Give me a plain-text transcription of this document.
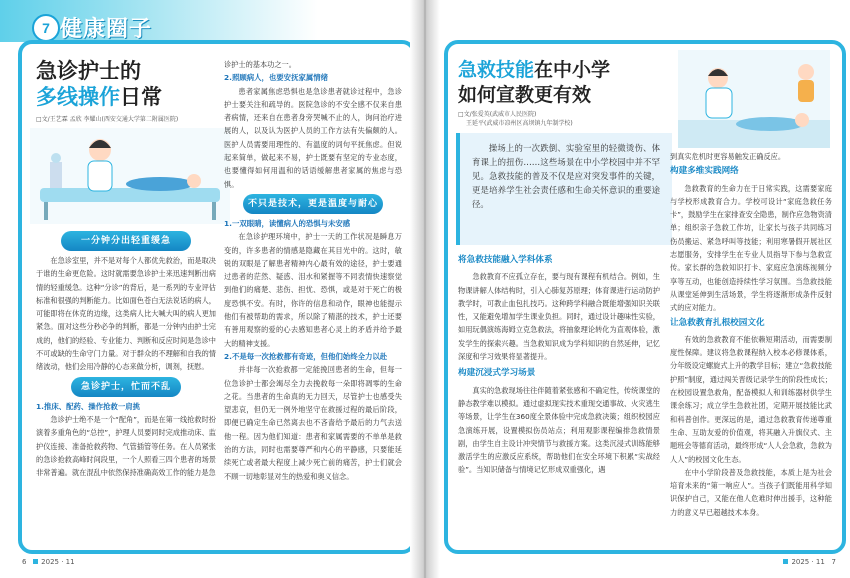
7 健康圈子
急诊护士的
多线操作日常
□文/王艺霖 孟欣 李耀山(西安交通大学第二附属医院)
一分钟分出轻重缓急

在急诊室里，并不是对每个人都优先救治，而是取决于谁的生命更危险。这时就需要急诊护士来迅速判断出病情的轻重缓急。这种“分诊”的背后，是一系列的专业评估标准和很强的判断能力。比如面色苍白无法说话的病人，可能即将在休克的边缘，这类病人比大喊大叫的病人更加紧急。面对这些分秒必争的判断，都是一分钟内由护士完成的，他们的经验、专业能力、判断和反应时间是急诊中不可或缺的生命守门力量。对于群众的不理解和自我的情绪波动，他们会用冷静的心态来做分析，调剂，抚慰。

急诊护士，忙而不乱
1.推床、配药、操作抢救一肩挑

急诊护士绝不是一个“配角”，而是在第一线抢救时扮演着多重角色的“总控”，护理人员要同时完成推动床、监护仪连接、准备抢救药物、气管插管等任务。在人员紧张的急诊抢救高峰时间段里，一个人照看三四个患者的场景非常普遍。就在混乱中依然保持准确高效工作的能力是急

诊护士的基本功之一。
2.照顾病人，也要安抚家属情绪

患者家属焦虑恐惧也是急诊患者就诊过程中，急诊护士要关注和疏导的。医院急诊的不安全感不仅来自患者病情，还来自在患者身旁哭喊不止的人，询问治疗进展的人，以及认为医护人员的工作方法有失偏颇的人。医护人员需要用理性的、有温度的词句平抚焦虑。但说起来简单，做起来不易，护士既要有坚定的专业态度，也要懂得如何用温和的话语缓解患者家属的焦虑与恐惧。

不只是技术，更是温度与耐心
1.一双眼睛，读懂病人的恐惧与未安感

在急诊护理环境中，护士一天的工作状况是瞬息万变的，许多患者的情感是隐藏在其目光中的。这时，敏锐的双眼是了解患者精神内心最有效的途径，护士要通过患者的茫然、疑惑、泪水和紧握等不同表情快速察觉到他们的痛楚、悲伤、担忧、恐惧，或是对于死亡的极度恐惧不安。有时，你许的信息和动作，眼神也能提示他们有被帮助的需求，所以除了精湛的技术，护士还要有善用观察的爱的心去感知患者心灵上的矛盾并给予最大的精神支援。

2.不是每一次抢救都有奇迹，但他们始终全力以赴

并非每一次抢救都一定能挽回患者的生命，但每一位急诊护士都会竭尽全力去挽救每一朵即将凋零的生命之花。当患者的生命真的无力回天，尽管护士也感受失望悲哀，但仍无一例外地坚守在救援过程的最后阶段，即便已确定生命已然离去也不吝啬给予最后的力气去送他一程。因为他们知道：患者和家属需要的不单单是救治的方法，同时也需要尊严和内心的平静感，只要能延续死亡或者最大程度上减少死亡前的痛苦，护士们就会不顾一切地彰显对生的热爱和奥义信念。

6 2025 · 11
急救技能在中小学
如何宣教更有效
□文/张爱英(武威市人民医院)
王延平(武威市凉州区高坝镇九年制学校)

操场上的一次跌倒、实验室里的轻微烫伤、体育课上的扭伤……这些场景在中小学校园中并不罕见。急救技能的普及不仅是应对突发事件的关键，更是培养学生社会责任感和生命关怀意识的重要途径。

将急救技能融入学科体系

急救教育不应孤立存在，要与现有课程有机结合。例如，生物课讲解人体结构时，引入心肺复苏原理；体育课进行运动防护教学时，可教止血包扎技巧。这种跨学科融合既能增强知识关联性，又能避免增加学生课业负担。同时，通过设计趣味性实验，如用玩偶演练海姆立克急救法，将抽象理论转化为直观体验，激发学生的探索兴趣。当急救知识成为学科知识的自然延伸，记忆深度和学习效果将显著提升。

构建沉浸式学习场景

真实的急救现场往往伴随着紧张感和不确定性，传统课堂的静态教学难以模拟。通过虚拟现实技术重现交通事故、火灾逃生等场景，让学生在360度全景体验中完成急救决策；组织校园应急演练开展，设置模拟伤员站点；利用观影课程编排急救情景剧，由学生自主设计冲突情节与救援方案。这类沉浸式训练能够激活学生的应激反应系统，帮助他们在安全环境下积累“实战经验”。当知识储备与情境记忆形成双重强化，遇

到真实危机时更容易触发正确反应。
构建多维实践网络

急救教育的生命力在于日常实践，这需要家庭与学校形成教育合力。学校可设计“家庭急救任务卡”，鼓励学生在家排查安全隐患，制作应急物资清单；组织亲子急救工作坊，让家长与孩子共同练习伤员搬运、紧急呼叫等技能；利用寒暑假开展社区志愿服务，安排学生在专业人员指导下参与急救宣传。家长群的急救知识打卡、家庭应急演练视频分享等互动，也能创造持续性学习氛围。当急救技能从课堂延伸到生活场景，学生将逐渐形成条件反射式的应对能力。

让急救教育扎根校园文化

有效的急救教育不能依赖短期活动，而需要制度性保障。建议将急救课程纳入校本必修课体系，分年级设定螺旋式上升的教学目标；建立“急救技能护照”制度，通过闯关晋级记录学生的阶段性成长；在校园设置急救角，配备模拟人和训练器材供学生课余练习；成立学生急救社团，定期开展技能比武和科普创作。更深远的是，通过急救教育传递尊重生命、互助友爱的价值观，将其融入升旗仪式、主题班会等德育活动，最终形成“人人会急救，急救为人人”的校园文化生态。

在中小学阶段普及急救技能，本质上是为社会培育未来的“第一响应人”。当孩子们既能用科学知识保护自己，又能在他人危难时伸出援手，这种能力的意义早已超越技术本身。

2025 · 11 7
